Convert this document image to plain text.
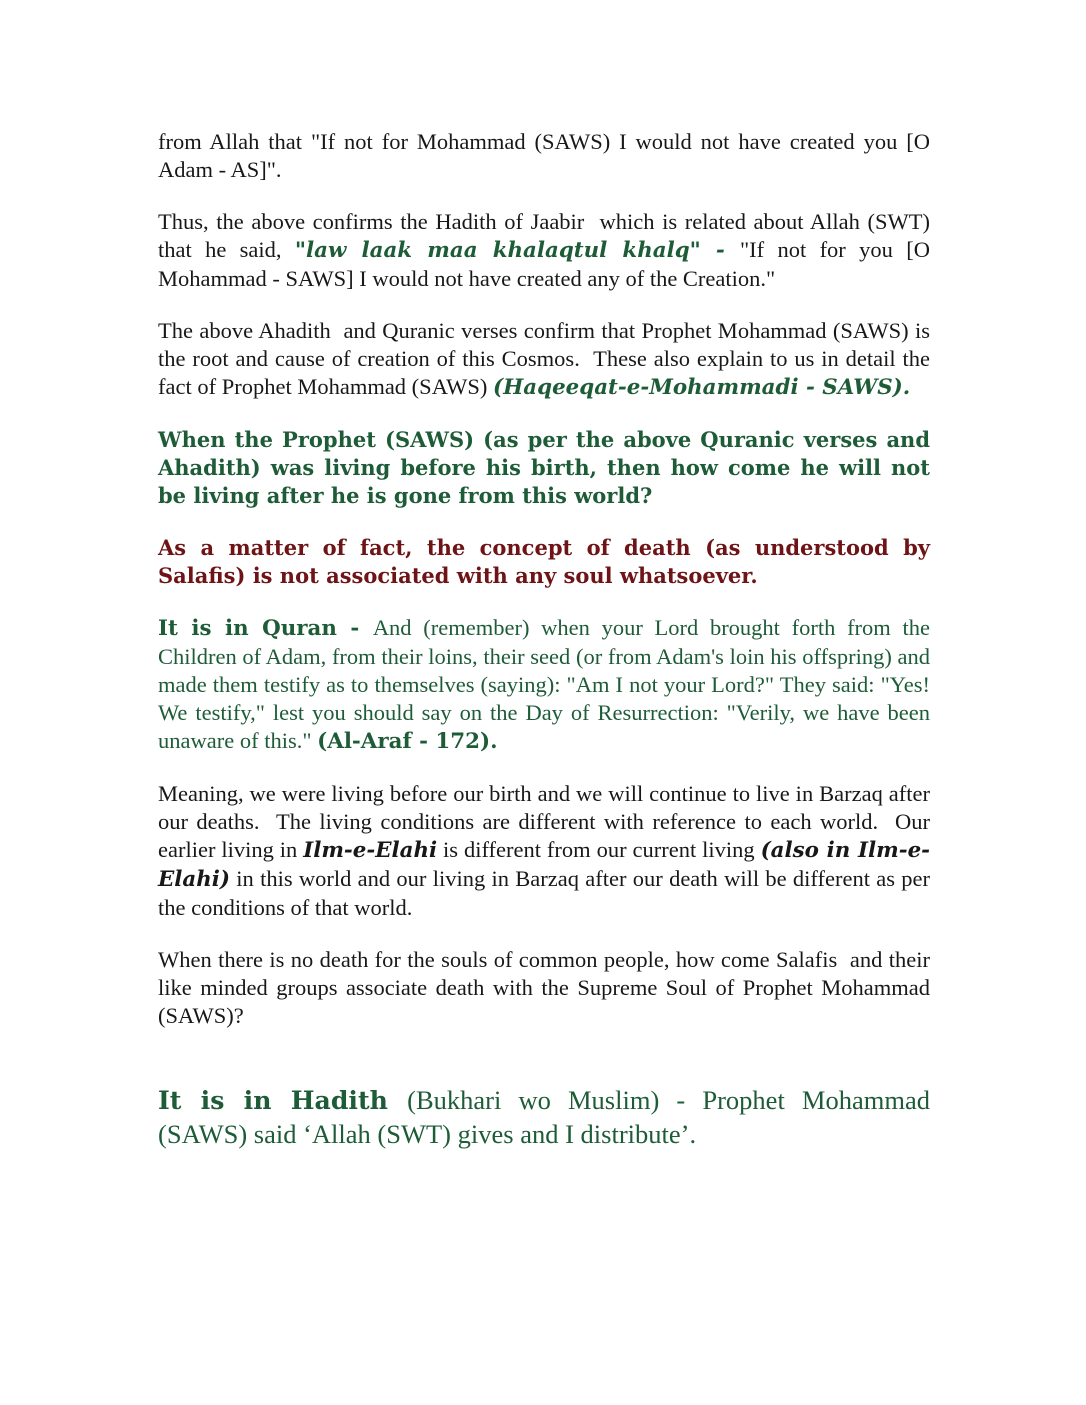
from Allah that "If not for Mohammad (SAWS) I would not have created you [O Adam - AS]".

Thus, the above confirms the Hadith of Jaabir  which is related about Allah (SWT) that he said, "law laak maa khalaqtul khalq" - "If not for you [O Mohammad - SAWS] I would not have created any of the Creation."

The above Ahadith  and Quranic verses confirm that Prophet Mohammad (SAWS) is the root and cause of creation of this Cosmos.  These also explain to us in detail the fact of Prophet Mohammad (SAWS) (Haqeeqat-e-Mohammadi - SAWS).

When the Prophet (SAWS) (as per the above Quranic verses and Ahadith) was living before his birth, then how come he will not be living after he is gone from this world?

As a matter of fact, the concept of death (as understood by Salafis) is not associated with any soul whatsoever.

It is in Quran - And (remember) when your Lord brought forth from the Children of Adam, from their loins, their seed (or from Adam's loin his offspring) and made them testify as to themselves (saying): "Am I not your Lord?" They said: "Yes! We testify," lest you should say on the Day of Resurrection: "Verily, we have been unaware of this." (Al-Araf - 172).

Meaning, we were living before our birth and we will continue to live in Barzaq after our deaths.  The living conditions are different with reference to each world.  Our earlier living in Ilm-e-Elahi is different from our current living (also in Ilm-e-Elahi) in this world and our living in Barzaq after our death will be different as per the conditions of that world.

When there is no death for the souls of common people, how come Salafis  and their like minded groups associate death with the Supreme Soul of Prophet Mohammad (SAWS)?

It is in Hadith (Bukhari wo Muslim) - Prophet Mohammad (SAWS) said ‘Allah (SWT) gives and I distribute’.
